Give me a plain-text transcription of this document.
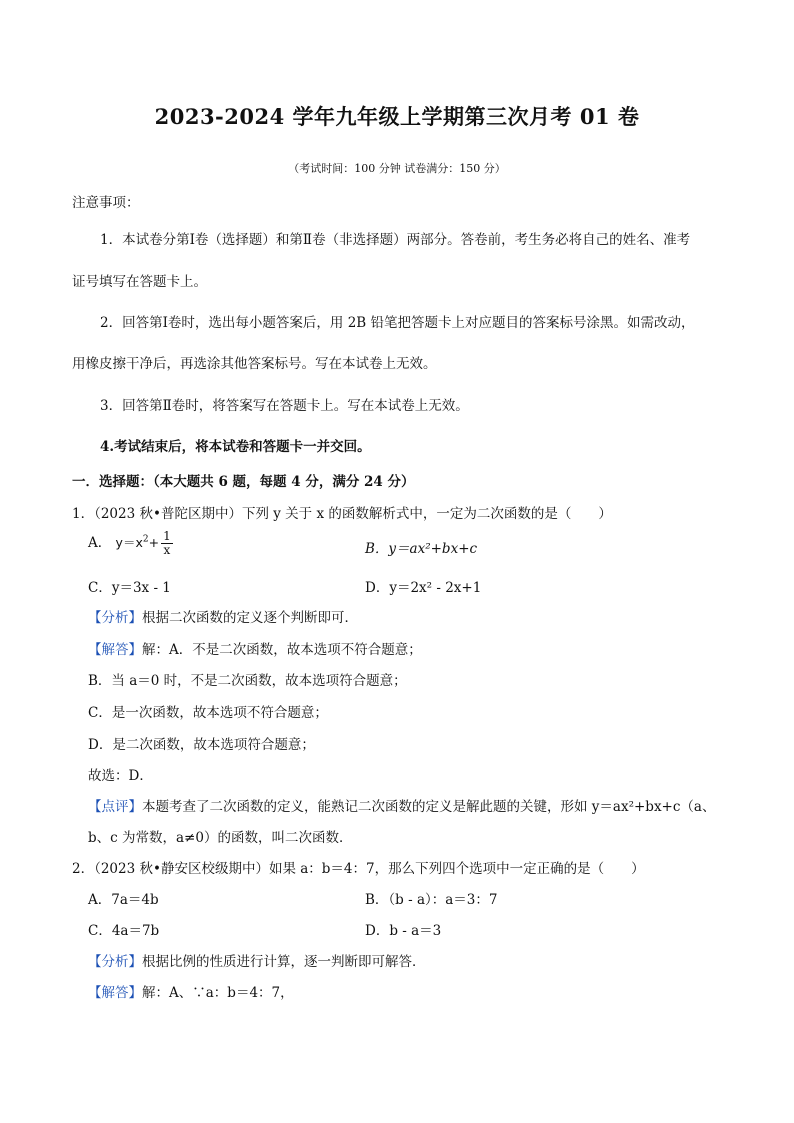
2023-2024 学年九年级上学期第三次月考 01 卷
（考试时间：100 分钟 试卷满分：150 分）
注意事项：
1．本试卷分第Ⅰ卷（选择题）和第Ⅱ卷（非选择题）两部分。答卷前，考生务必将自己的姓名、准考
证号填写在答题卡上。
2．回答第Ⅰ卷时，选出每小题答案后，用 2B 铅笔把答题卡上对应题目的答案标号涂黑。如需改动，
用橡皮擦干净后，再选涂其他答案标号。写在本试卷上无效。
3．回答第Ⅱ卷时，将答案写在答题卡上。写在本试卷上无效。
4.考试结束后，将本试卷和答题卡一并交回。
一．选择题：（本大题共 6 题，每题 4 分，满分 24 分）
1．（2023 秋•普陀区期中）下列 y 关于 x 的函数解析式中，一定为二次函数的是（　　）
A． $y=x^2+ \frac{1}{x}$	B．y＝ax²+bx+c
C．y＝3x - 1	D．y＝2x² - 2x+1
【分析】根据二次函数的定义逐个判断即可．
【解答】解：A．不是二次函数，故本选项不符合题意；
B．当 a＝0 时，不是二次函数，故本选项符合题意；
C．是一次函数，故本选项不符合题意；
D．是二次函数，故本选项符合题意；
故选：D．
【点评】本题考查了二次函数的定义，能熟记二次函数的定义是解此题的关键，形如 y＝ax²+bx+c（a、
b、c 为常数，a≠0）的函数，叫二次函数．
2．（2023 秋•静安区校级期中）如果 a：b＝4：7，那么下列四个选项中一定正确的是（　　）
A．7a＝4b	B．（b - a）：a＝3：7
C．4a＝7b	D．b - a＝3
【分析】根据比例的性质进行计算，逐一判断即可解答．
【解答】解：A、∵a：b＝4：7，
